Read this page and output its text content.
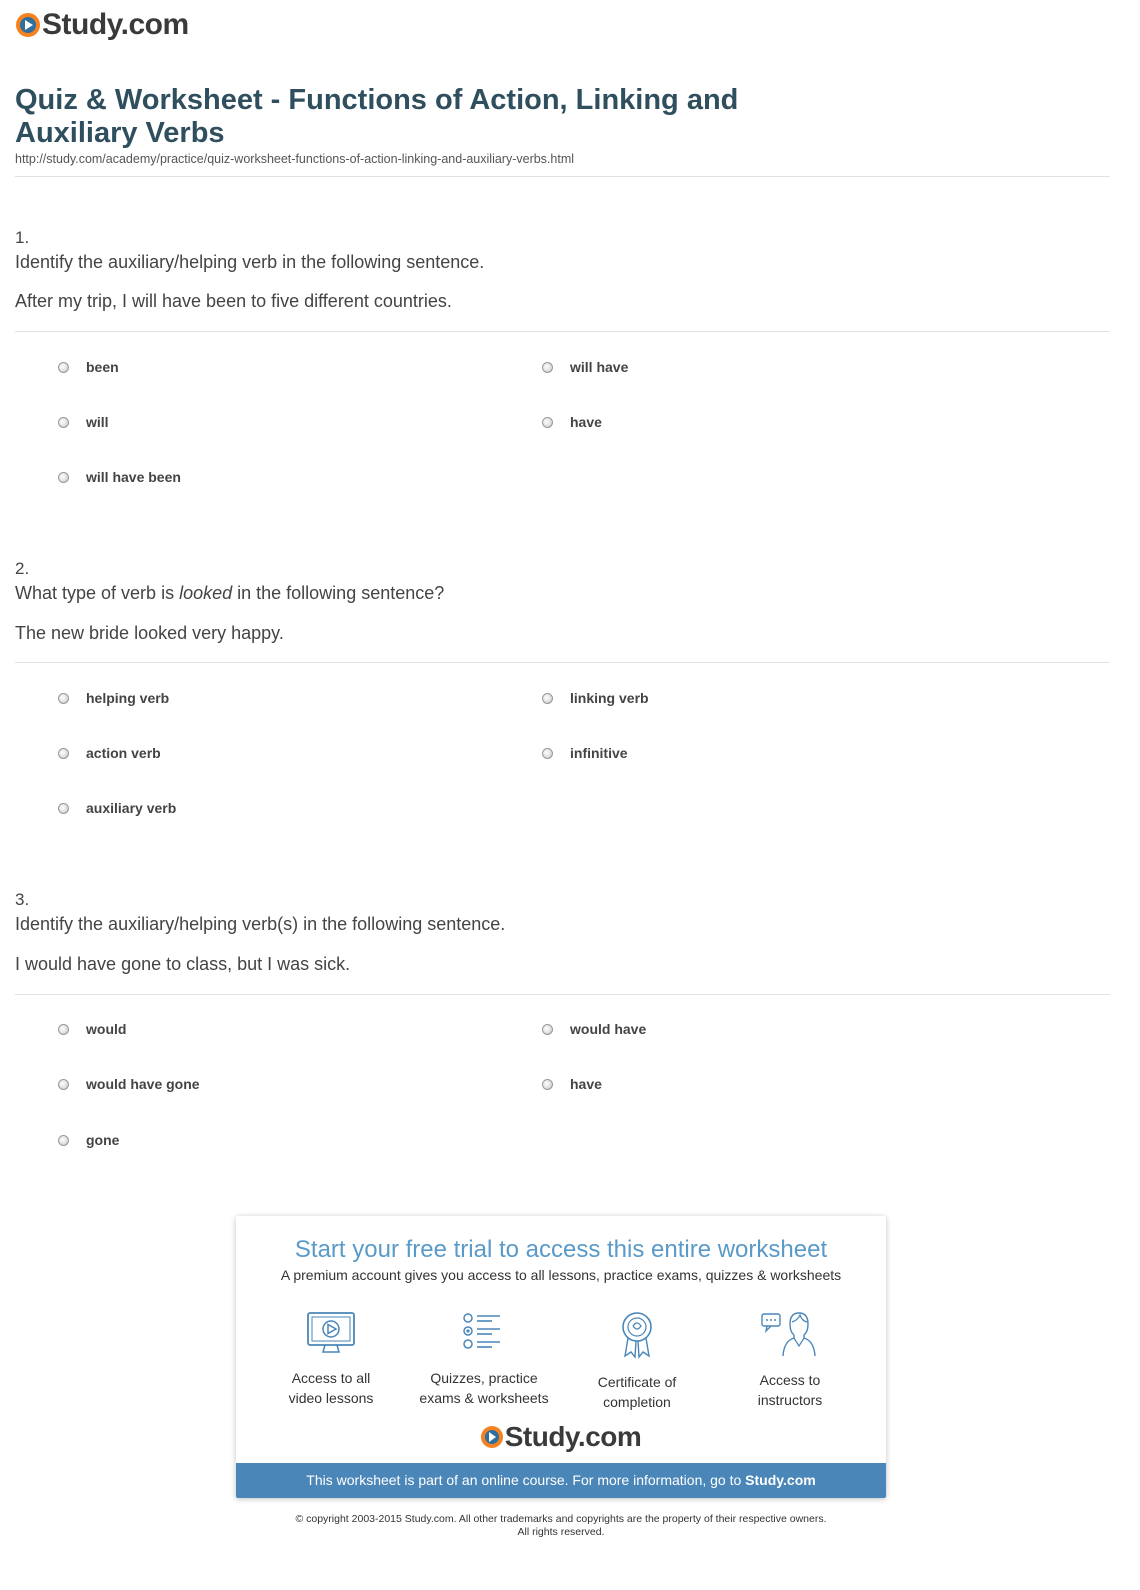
Study.com
Quiz & Worksheet - Functions of Action, Linking and Auxiliary Verbs
http://study.com/academy/practice/quiz-worksheet-functions-of-action-linking-and-auxiliary-verbs.html
1.
Identify the auxiliary/helping verb in the following sentence.
After my trip, I will have been to five different countries.
been	will have
will	have
will have been
2.
What type of verb is looked in the following sentence?
The new bride looked very happy.
helping verb	linking verb
action verb	infinitive
auxiliary verb
3.
Identify the auxiliary/helping verb(s) in the following sentence.
I would have gone to class, but I was sick.
would	would have
would have gone	have
gone
Start your free trial to access this entire worksheet
A premium account gives you access to all lessons, practice exams, quizzes & worksheets
Access to all
video lessons
Quizzes, practice
exams & worksheets
Certificate of
completion
Access to
instructors
Study.com
This worksheet is part of an online course. For more information, go to Study.com
© copyright 2003-2015 Study.com. All other trademarks and copyrights are the property of their respective owners.
All rights reserved.
